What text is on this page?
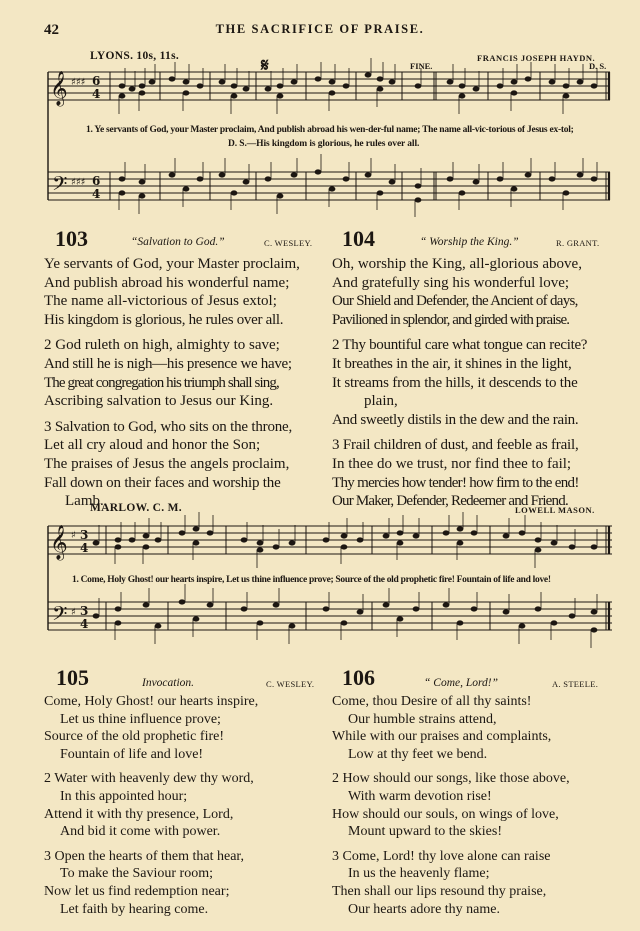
42	THE SACRIFICE OF PRAISE.
LYONS. 10s, 11s.	FRANCIS JOSEPH HAYDN.
𝄋	FINE.	D. S.
𝄞
𝄢
♯♯♯
♯♯♯
6
4
6
4
1. Ye servants of God, your Master proclaim, And publish abroad his wen-der-ful name; The name all-vic-torious of Jesus ex-tol;
D. S.—His kingdom is glorious, he rules over all.
103	“Salvation to God.”	C. WESLEY.
Ye servants of God, your Master proclaim,
And publish abroad his wonderful name;
The name all-victorious of Jesus extol;
His kingdom is glorious, he rules over all.
2 God ruleth on high, almighty to save;
And still he is nigh—his presence we have;
The great congregation his triumph shall sing,
Ascribing salvation to Jesus our King.
3 Salvation to God, who sits on the throne,
Let all cry aloud and honor the Son;
The praises of Jesus the angels proclaim,
Fall down on their faces and worship the
Lamb.
104	“ Worship the King.”	R. GRANT.
Oh, worship the King, all-glorious above,
And gratefully sing his wonderful love;
Our Shield and Defender, the Ancient of days,
Pavilioned in splendor, and girded with praise.
2 Thy bountiful care what tongue can recite?
It breathes in the air, it shines in the light,
It streams from the hills, it descends to the
plain,
And sweetly distils in the dew and the rain.
3 Frail children of dust, and feeble as frail,
In thee do we trust, nor find thee to fail;
Thy mercies how tender! how firm to the end!
Our Maker, Defender, Redeemer and Friend.
MARLOW. C. M.	LOWELL MASON.
𝄞
𝄢
♯
♯
3
4
3
4
1. Come, Holy Ghost! our hearts inspire, Let us thine influence prove; Source of the old prophetic fire! Fountain of life and love!
105	Invocation.	C. WESLEY.
Come, Holy Ghost! our hearts inspire,
Let us thine influence prove;
Source of the old prophetic fire!
Fountain of life and love!
2 Water with heavenly dew thy word,
In this appointed hour;
Attend it with thy presence, Lord,
And bid it come with power.
3 Open the hearts of them that hear,
To make the Saviour room;
Now let us find redemption near;
Let faith by hearing come.
106	“ Come, Lord!”	A. STEELE.
Come, thou Desire of all thy saints!
Our humble strains attend,
While with our praises and complaints,
Low at thy feet we bend.
2 How should our songs, like those above,
With warm devotion rise!
How should our souls, on wings of love,
Mount upward to the skies!
3 Come, Lord! thy love alone can raise
In us the heavenly flame;
Then shall our lips resound thy praise,
Our hearts adore thy name.
